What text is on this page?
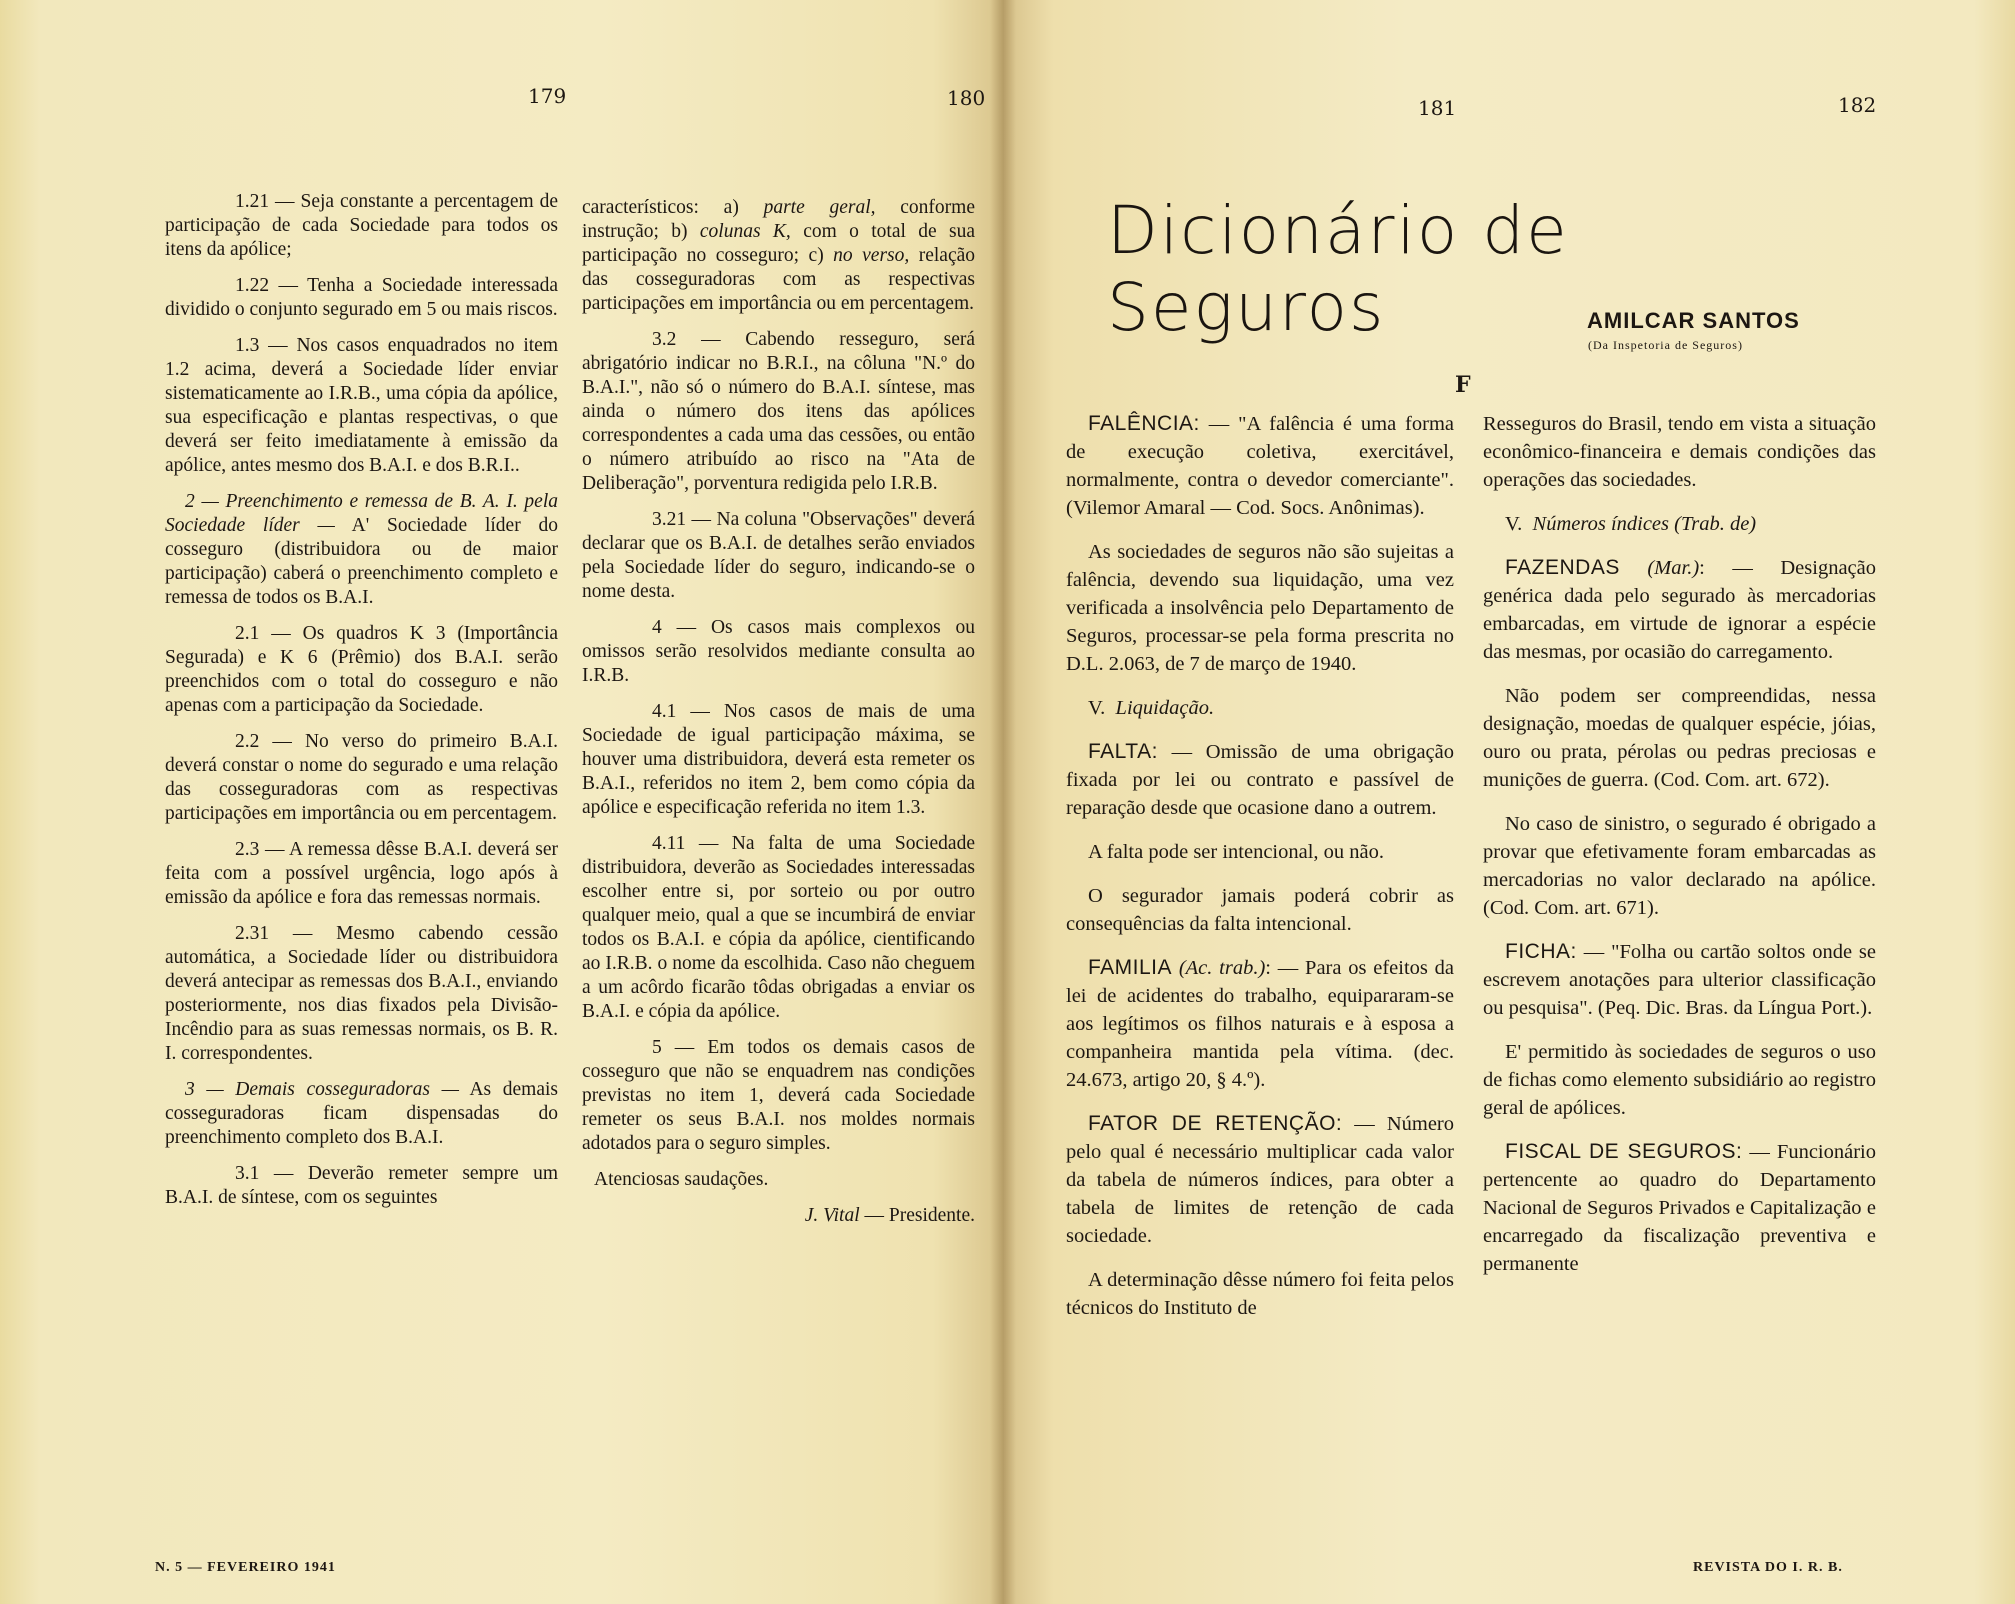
179	180	181	182

1.21 — Seja constante a percentagem de participação de cada Sociedade para todos os itens da apólice;

1.22 — Tenha a Sociedade interessada dividido o conjunto segurado em 5 ou mais riscos.

1.3 — Nos casos enquadrados no item 1.2 acima, deverá a Sociedade líder enviar sistematicamente ao I.R.B., uma cópia da apólice, sua especificação e plantas respectivas, o que deverá ser feito imediatamente à emissão da apólice, antes mesmo dos B.A.I. e dos B.R.I..

2 — Preenchimento e remessa de B. A. I. pela Sociedade líder — A' Sociedade líder do cosseguro (distribuidora ou de maior participação) caberá o preenchimento completo e remessa de todos os B.A.I.

2.1 — Os quadros K 3 (Importância Segurada) e K 6 (Prêmio) dos B.A.I. serão preenchidos com o total do cosseguro e não apenas com a participação da Sociedade.

2.2 — No verso do primeiro B.A.I. deverá constar o nome do segurado e uma relação das cosseguradoras com as respectivas participações em importância ou em percentagem.

2.3 — A remessa dêsse B.A.I. deverá ser feita com a possível urgência, logo após à emissão da apólice e fora das remessas normais.

2.31 — Mesmo cabendo cessão automática, a Sociedade líder ou distribuidora deverá antecipar as remessas dos B.A.I., enviando posteriormente, nos dias fixados pela Divisão-Incêndio para as suas remessas normais, os B. R. I. correspondentes.

3 — Demais cosseguradoras — As demais cosseguradoras ficam dispensadas do preenchimento completo dos B.A.I.

3.1 — Deverão remeter sempre um B.A.I. de síntese, com os seguintes

característicos: a) parte geral, conforme instrução; b) colunas K, com o total de sua participação no cosseguro; c) no verso, relação das cosseguradoras com as respectivas participações em importância ou em percentagem.

3.2 — Cabendo resseguro, será abrigatório indicar no B.R.I., na côluna "N.º do B.A.I.", não só o número do B.A.I. síntese, mas ainda o número dos itens das apólices correspondentes a cada uma das cessões, ou então o número atribuído ao risco na "Ata de Deliberação", porventura redigida pelo I.R.B.

3.21 — Na coluna "Observações" deverá declarar que os B.A.I. de detalhes serão enviados pela Sociedade líder do seguro, indicando-se o nome desta.

4 — Os casos mais complexos ou omissos serão resolvidos mediante consulta ao I.R.B.

4.1 — Nos casos de mais de uma Sociedade de igual participação máxima, se houver uma distribuidora, deverá esta remeter os B.A.I., referidos no item 2, bem como cópia da apólice e especificação referida no item 1.3.

4.11 — Na falta de uma Sociedade distribuidora, deverão as Sociedades interessadas escolher entre si, por sorteio ou por outro qualquer meio, qual a que se incumbirá de enviar todos os B.A.I. e cópia da apólice, cientificando ao I.R.B. o nome da escolhida. Caso não cheguem a um acôrdo ficarão tôdas obrigadas a enviar os B.A.I. e cópia da apólice.

5 — Em todos os demais casos de cosseguro que não se enquadrem nas condições previstas no item 1, deverá cada Sociedade remeter os seus B.A.I. nos moldes normais adotados para o seguro simples.

Atenciosas saudações.

J. Vital — Presidente.

Dicionário de Seguros	AMILCAR SANTOS
(Da Inspetoria de Seguros)
F

FALÊNCIA: — "A falência é uma forma de execução coletiva, exercitável, normalmente, contra o devedor comerciante". (Vilemor Amaral — Cod. Socs. Anônimas).

As sociedades de seguros não são sujeitas a falência, devendo sua liquidação, uma vez verificada a insolvência pelo Departamento de Seguros, processar-se pela forma prescrita no D.L. 2.063, de 7 de março de 1940.

V. Liquidação.

FALTA: — Omissão de uma obrigação fixada por lei ou contrato e passível de reparação desde que ocasione dano a outrem.

A falta pode ser intencional, ou não.

O segurador jamais poderá cobrir as consequências da falta intencional.

FAMILIA (Ac. trab.): — Para os efeitos da lei de acidentes do trabalho, equipararam-se aos legítimos os filhos naturais e à esposa a companheira mantida pela vítima. (dec. 24.673, artigo 20, § 4.º).

FATOR DE RETENÇÃO: — Número pelo qual é necessário multiplicar cada valor da tabela de números índices, para obter a tabela de limites de retenção de cada sociedade.

A determinação dêsse número foi feita pelos técnicos do Instituto de

Resseguros do Brasil, tendo em vista a situação econômico-financeira e demais condições das operações das sociedades.

V. Números índices (Trab. de)

FAZENDAS (Mar.): — Designação genérica dada pelo segurado às mercadorias embarcadas, em virtude de ignorar a espécie das mesmas, por ocasião do carregamento.

Não podem ser compreendidas, nessa designação, moedas de qualquer espécie, jóias, ouro ou prata, pérolas ou pedras preciosas e munições de guerra. (Cod. Com. art. 672).

No caso de sinistro, o segurado é obrigado a provar que efetivamente foram embarcadas as mercadorias no valor declarado na apólice. (Cod. Com. art. 671).

FICHA: — "Folha ou cartão soltos onde se escrevem anotações para ulterior classificação ou pesquisa". (Peq. Dic. Bras. da Língua Port.).

E' permitido às sociedades de seguros o uso de fichas como elemento subsidiário ao registro geral de apólices.

FISCAL DE SEGUROS: — Funcionário pertencente ao quadro do Departamento Nacional de Seguros Privados e Capitalização e encarregado da fiscalização preventiva e permanente

N. 5 — FEVEREIRO 1941	REVISTA DO I. R. B.
